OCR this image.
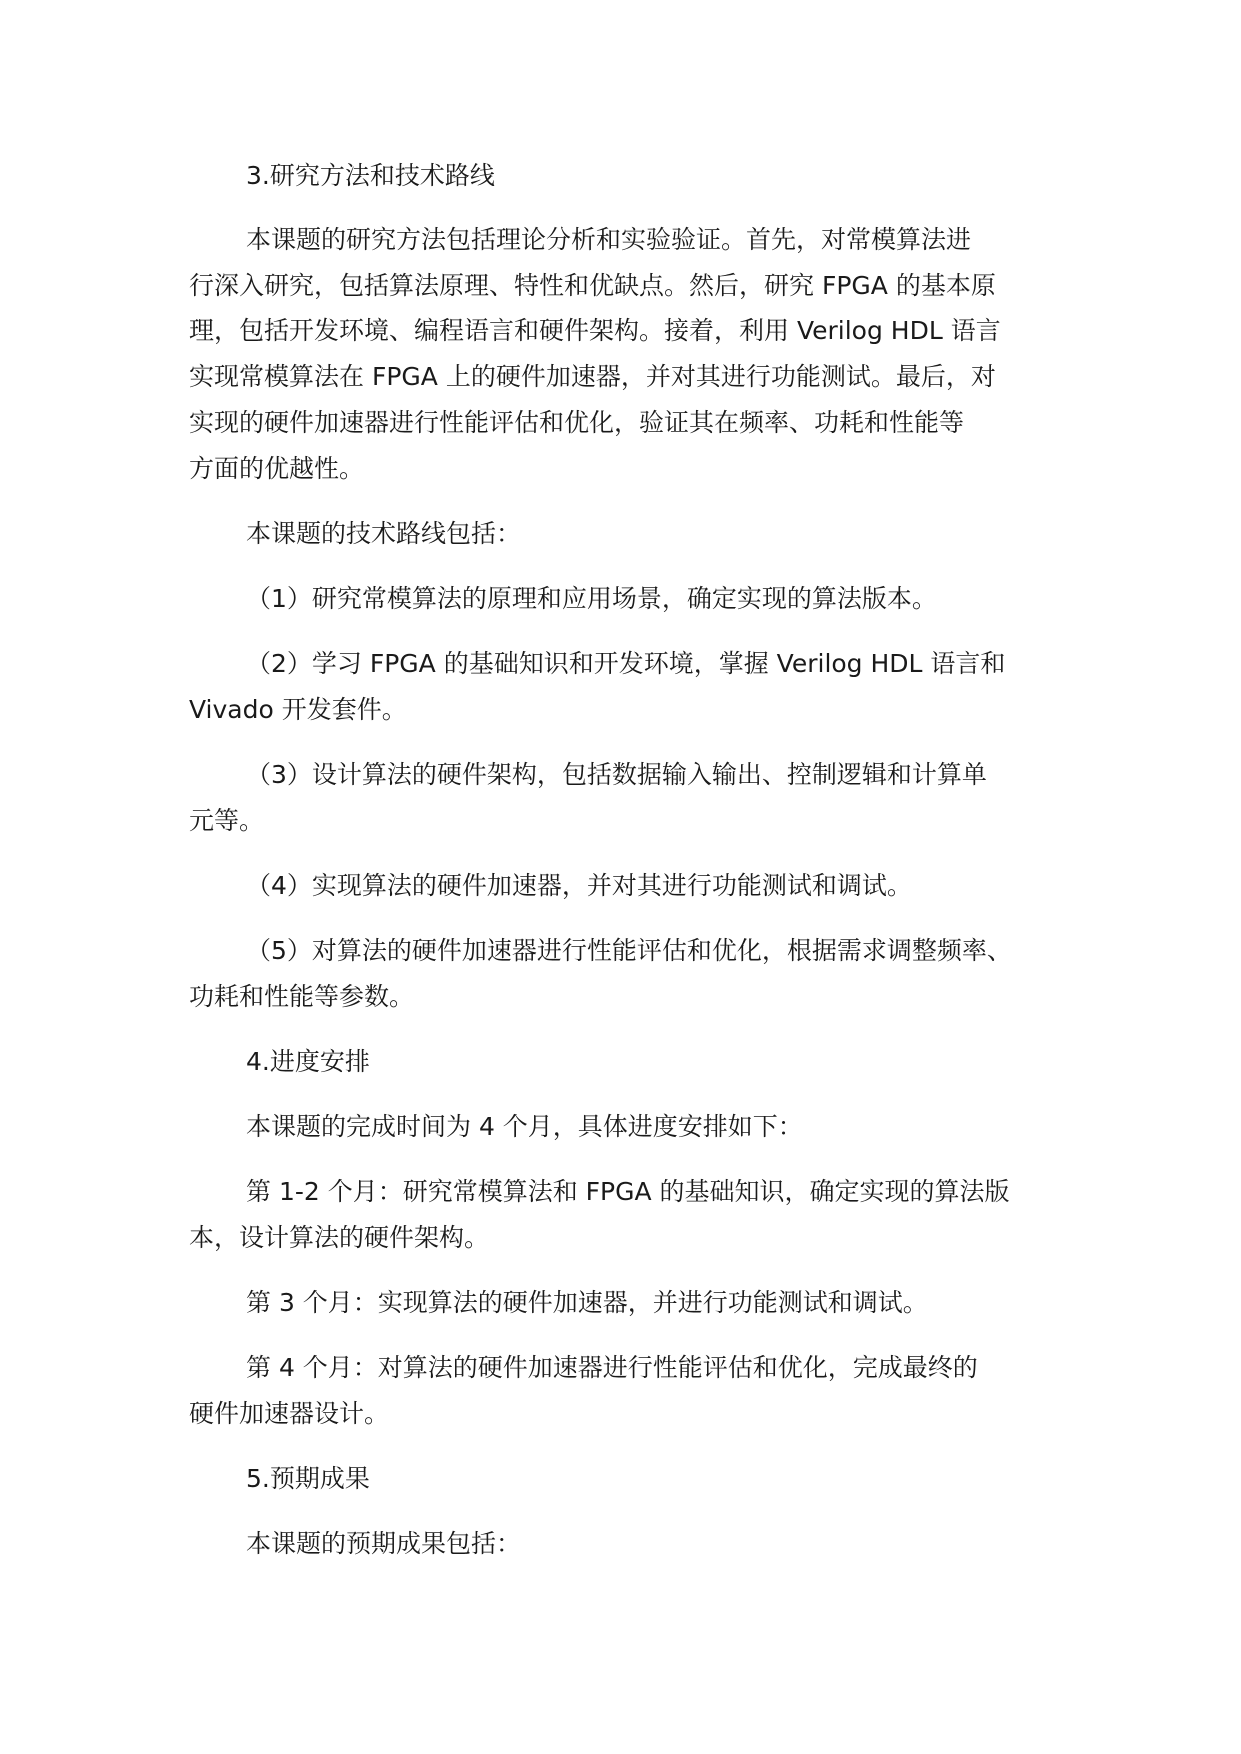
3.研究方法和技术路线

本课题的研究方法包括理论分析和实验验证。首先，对常模算法进

行深入研究，包括算法原理、特性和优缺点。然后，研究 FPGA 的基本原

理，包括开发环境、编程语言和硬件架构。接着，利用 Verilog HDL 语言

实现常模算法在 FPGA 上的硬件加速器，并对其进行功能测试。最后，对

实现的硬件加速器进行性能评估和优化，验证其在频率、功耗和性能等

方面的优越性。

本课题的技术路线包括：

（1）研究常模算法的原理和应用场景，确定实现的算法版本。

（2）学习 FPGA 的基础知识和开发环境，掌握 Verilog HDL 语言和

Vivado 开发套件。

（3）设计算法的硬件架构，包括数据输入输出、控制逻辑和计算单

元等。

（4）实现算法的硬件加速器，并对其进行功能测试和调试。

（5）对算法的硬件加速器进行性能评估和优化，根据需求调整频率、

功耗和性能等参数。

4.进度安排

本课题的完成时间为 4 个月，具体进度安排如下：

第 1-2 个月：研究常模算法和 FPGA 的基础知识，确定实现的算法版

本，设计算法的硬件架构。

第 3 个月：实现算法的硬件加速器，并进行功能测试和调试。

第 4 个月：对算法的硬件加速器进行性能评估和优化，完成最终的

硬件加速器设计。

5.预期成果

本课题的预期成果包括：
